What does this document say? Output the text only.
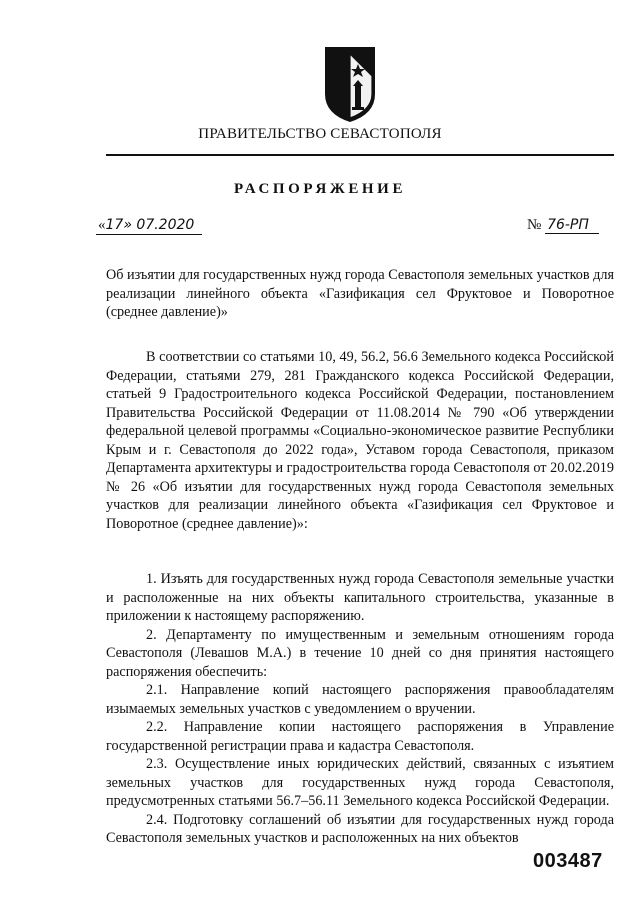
ПРАВИТЕЛЬСТВО СЕВАСТОПОЛЯ
РАСПОРЯЖЕНИЕ
«17» 07.2020	№ 76-РП

Об изъятии для государственных нужд города Севастополя земельных участков для реализации линейного объекта «Газификация сел Фруктовое и Поворотное (среднее давление)»

В соответствии со статьями 10, 49, 56.2, 56.6 Земельного кодекса Российской Федерации, статьями 279, 281 Гражданского кодекса Российской Федерации, статьей 9 Градостроительного кодекса Российской Федерации, постановлением Правительства Российской Федерации от 11.08.2014 № 790 «Об утверждении федеральной целевой программы «Социально-экономическое развитие Республики Крым и г. Севастополя до 2022 года», Уставом города Севастополя, приказом Департамента архитектуры и градостроительства города Севастополя от 20.02.2019 № 26 «Об изъятии для государственных нужд города Севастополя земельных участков для реализации линейного объекта «Газификация сел Фруктовое и Поворотное (среднее давление)»:

1. Изъять для государственных нужд города Севастополя земельные участки и расположенные на них объекты капитального строительства, указанные в приложении к настоящему распоряжению.

2. Департаменту по имущественным и земельным отношениям города Севастополя (Левашов М.А.) в течение 10 дней со дня принятия настоящего распоряжения обеспечить:

2.1. Направление копий настоящего распоряжения правообладателям изымаемых земельных участков с уведомлением о вручении.

2.2. Направление копии настоящего распоряжения в Управление государственной регистрации права и кадастра Севастополя.

2.3. Осуществление иных юридических действий, связанных с изъятием земельных участков для государственных нужд города Севастополя, предусмотренных статьями 56.7–56.11 Земельного кодекса Российской Федерации.

2.4. Подготовку соглашений об изъятии для государственных нужд города Севастополя земельных участков и расположенных на них объектов

003487
